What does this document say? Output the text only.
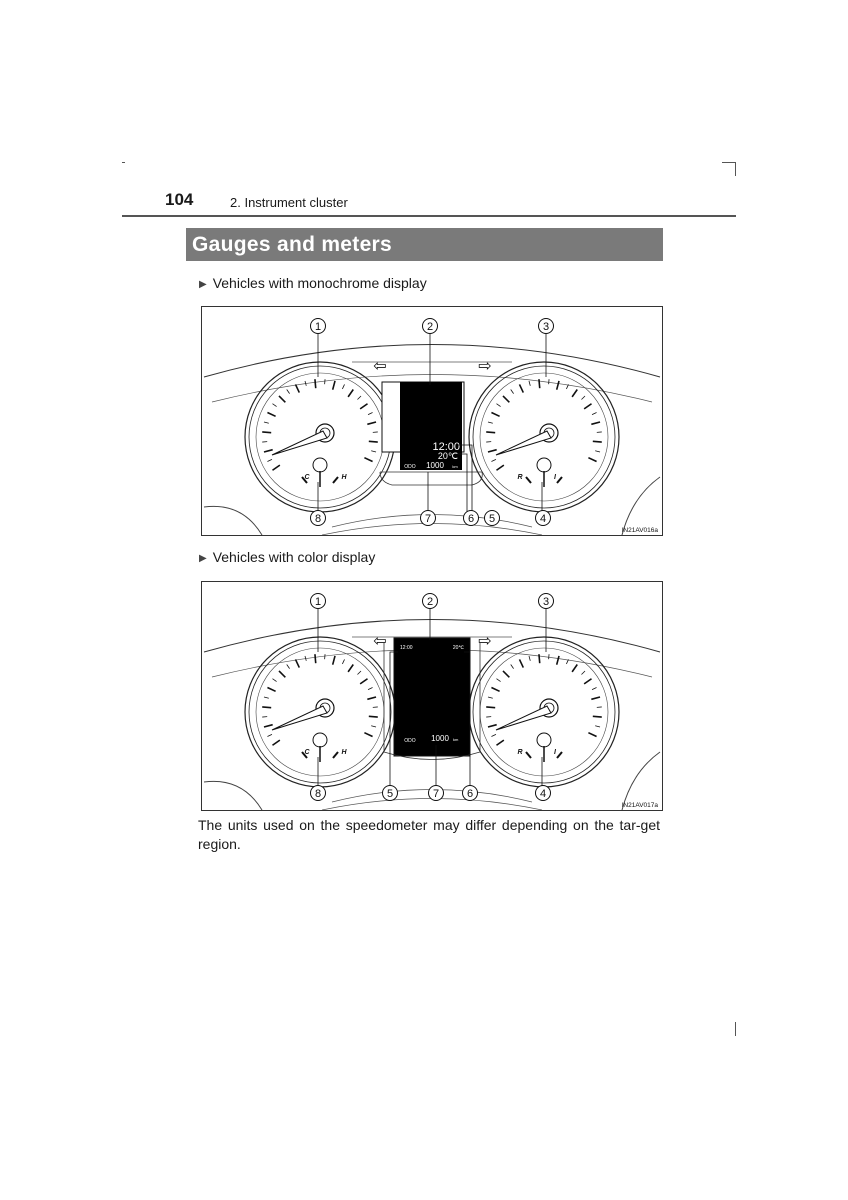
104	2. Instrument cluster
Gauges and meters
▶ Vehicles with monochrome display
⇦	⇨
C	H	R	I
12:00
20℃
ODO 1000 km
6 5
7
1	2	3
4
8
IN21AV016a
▶ Vehicles with color display
⇦	⇨
C	H	R	I
12:00	20℃
ODO 1000 km
5	7	6
1	2	3
4
8
IN21AV017a
The units used on the speedometer may differ depending on the tar-get region.
